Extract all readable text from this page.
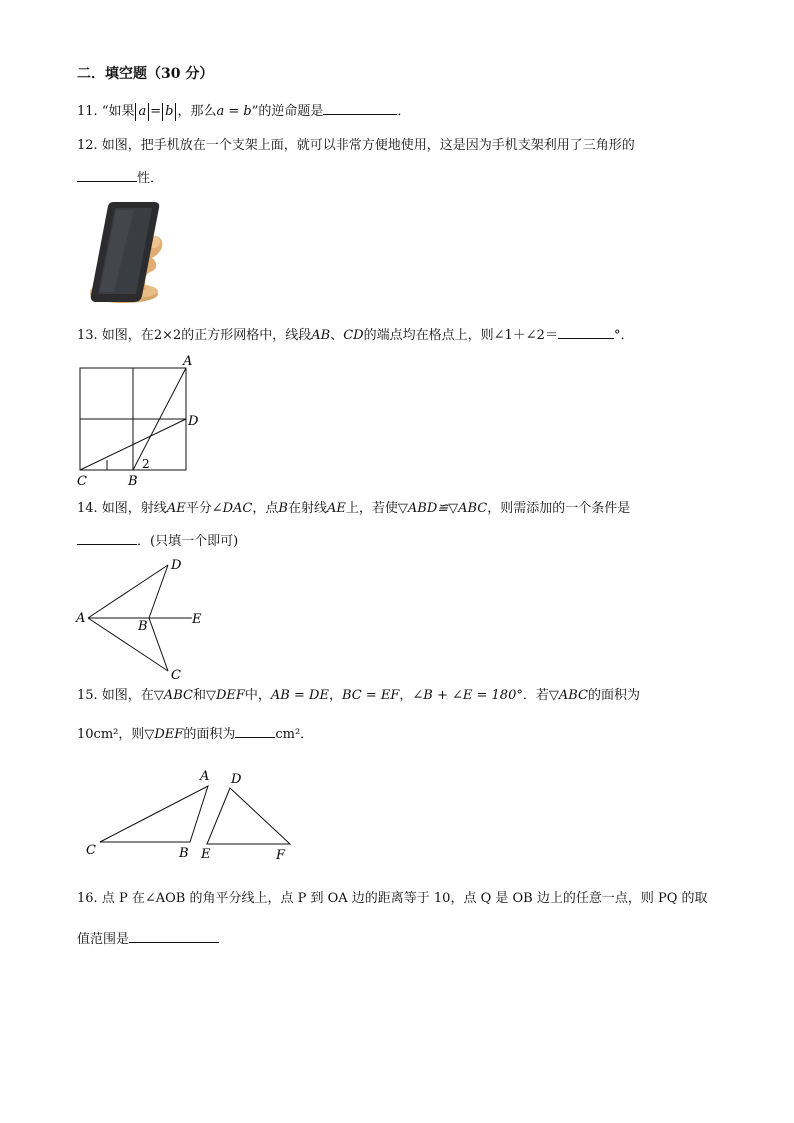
二．填空题（30 分）
11. “如果 a = b ，那么a = b”的逆命题是	．
12. 如图，把手机放在一个支架上面，就可以非常方便地使用，这是因为手机支架利用了三角形的
性．
13. 如图，在2×2的正方形网格中，线段AB、CD的端点均在格点上，则∠1＋∠2＝	°．
A
D
C	B
2
14. 如图，射线AE平分∠DAC，点B在射线AE上，若使▽ABD≌▽ABC，则需添加的一个条件是
．(只填一个即可)
A
D
B	E
C
15. 如图，在▽ABC和▽DEF中，AB = DE，BC = EF，∠B + ∠E = 180°．若▽ABC的面积为
10cm²，则▽DEF的面积为	cm²．
A
C	B
D
E	F
16. 点 P 在∠AOB 的角平分线上，点 P 到 OA 边的距离等于 10，点 Q 是 OB 边上的任意一点，则 PQ 的取
值范围是
